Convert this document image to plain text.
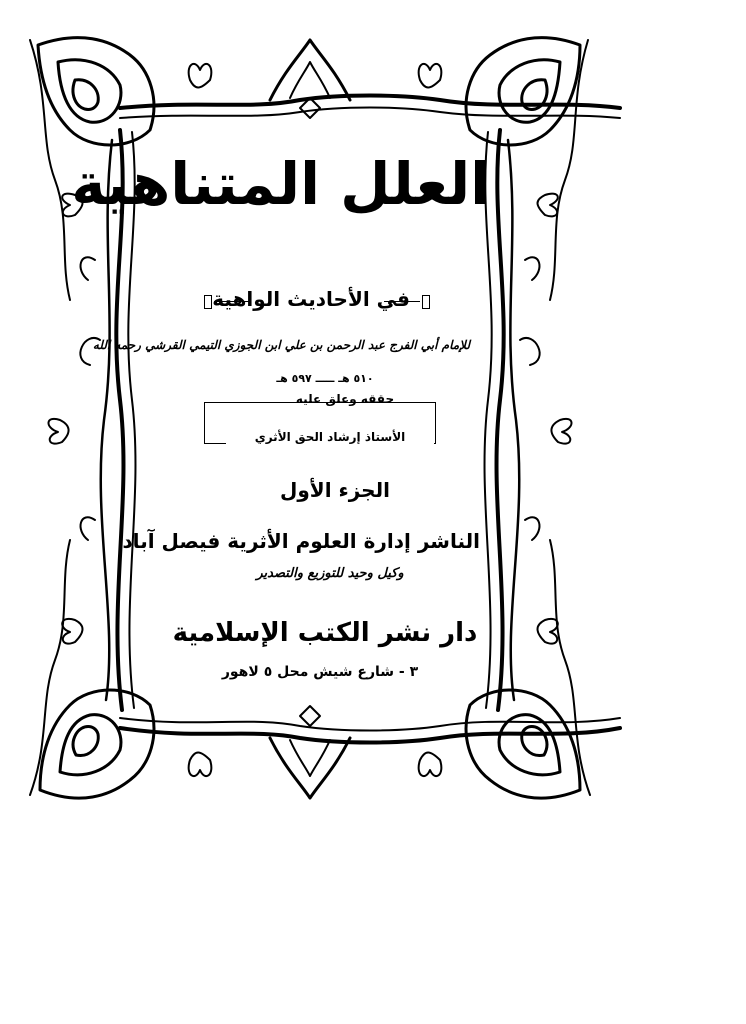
العلل المتناهية
في الأحاديث الواهية
للإمام أبي الفرج عبد الرحمن بن علي ابن الجوزي التيمي القرشي رحمه الله
٥١٠ هـ ـــــ ٥٩٧ هـ
حققه وعلق عليه
الأستاذ إرشاد الحق الأثري
الجزء الأول
الناشر إدارة العلوم الأثرية فيصل آباد
وكيل وحيد للتوزيع والتصدير
دار نشر الكتب الإسلامية
٣ - شارع شيش محل ٥ لاهور
